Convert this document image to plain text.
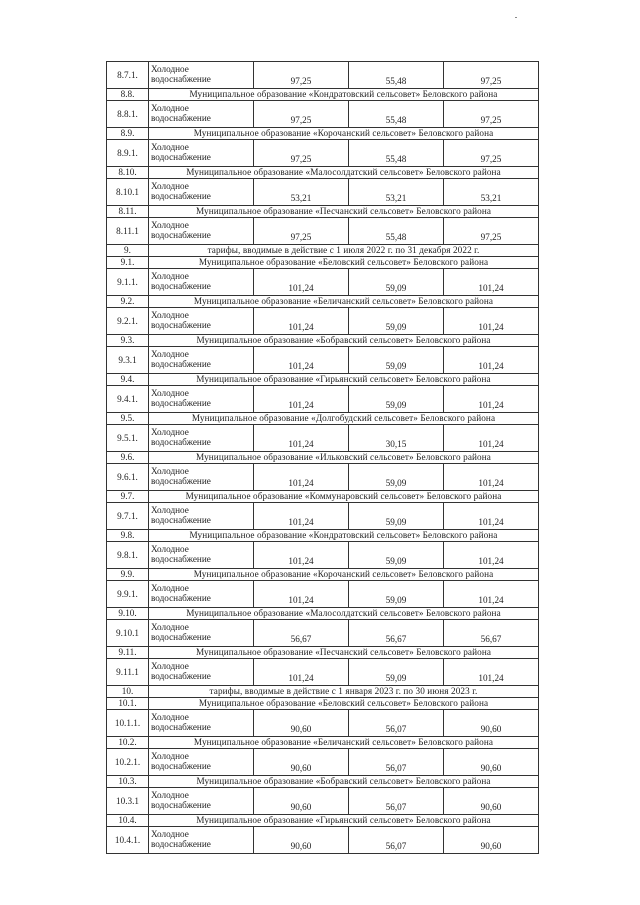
8.7.1.	Холодное
водоснабжение	97,25	55,48	97,25
8.8.	Муниципальное образование «Кондратовский сельсовет» Беловского района			
8.8.1.	Холодное
водоснабжение	97,25	55,48	97,25
8.9.	Муниципальное образование «Корочанский сельсовет» Беловского района			
8.9.1.	Холодное
водоснабжение	97,25	55,48	97,25
8.10.	Муниципальное образование «Малосолдатский сельсовет» Беловского района			
8.10.1	Холодное
водоснабжение	53,21	53,21	53,21
8.11.	Муниципальное образование «Песчанский сельсовет» Беловского района			
8.11.1	Холодное
водоснабжение	97,25	55,48	97,25
9.	тарифы, вводимые в действие с 1 июля 2022 г. по 31 декабря 2022 г.			
9.1.	Муниципальное образование «Беловский сельсовет» Беловского района			
9.1.1.	Холодное
водоснабжение	101,24	59,09	101,24
9.2.	Муниципальное образование «Беличанский сельсовет» Беловского района			
9.2.1.	Холодное
водоснабжение	101,24	59,09	101,24
9.3.	Муниципальное образование «Бобравский сельсовет» Беловского района			
9.3.1	Холодное
водоснабжение	101,24	59,09	101,24
9.4.	Муниципальное образование «Гирьянский сельсовет» Беловского района			
9.4.1.	Холодное
водоснабжение	101,24	59,09	101,24
9.5.	Муниципальное образование «Долгобудский сельсовет» Беловского района			
9.5.1.	Холодное
водоснабжение	101,24	30,15	101,24
9.6.	Муниципальное образование «Ильковский сельсовет» Беловского района			
9.6.1.	Холодное
водоснабжение	101,24	59,09	101,24
9.7.	Муниципальное образование «Коммунаровский сельсовет» Беловского района			
9.7.1.	Холодное
водоснабжение	101,24	59,09	101,24
9.8.	Муниципальное образование «Кондратовский сельсовет» Беловского района			
9.8.1.	Холодное
водоснабжение	101,24	59,09	101,24
9.9.	Муниципальное образование «Корочанский сельсовет» Беловского района			
9.9.1.	Холодное
водоснабжение	101,24	59,09	101,24
9.10.	Муниципальное образование «Малосолдатский сельсовет» Беловского района			
9.10.1	Холодное
водоснабжение	56,67	56,67	56,67
9.11.	Муниципальное образование «Песчанский сельсовет» Беловского района			
9.11.1	Холодное
водоснабжение	101,24	59,09	101,24
10.	тарифы, вводимые в действие с 1 января 2023 г. по 30 июня 2023 г.			
10.1.	Муниципальное образование «Беловский сельсовет» Беловского района			
10.1.1.	Холодное
водоснабжение	90,60	56,07	90,60
10.2.	Муниципальное образование «Беличанский сельсовет» Беловского района			
10.2.1.	Холодное
водоснабжение	90,60	56,07	90,60
10.3.	Муниципальное образование «Бобравский сельсовет» Беловского района			
10.3.1	Холодное
водоснабжение	90,60	56,07	90,60
10.4.	Муниципальное образование «Гирьянский сельсовет» Беловского района			
10.4.1.	Холодное
водоснабжение	90,60	56,07	90,60
